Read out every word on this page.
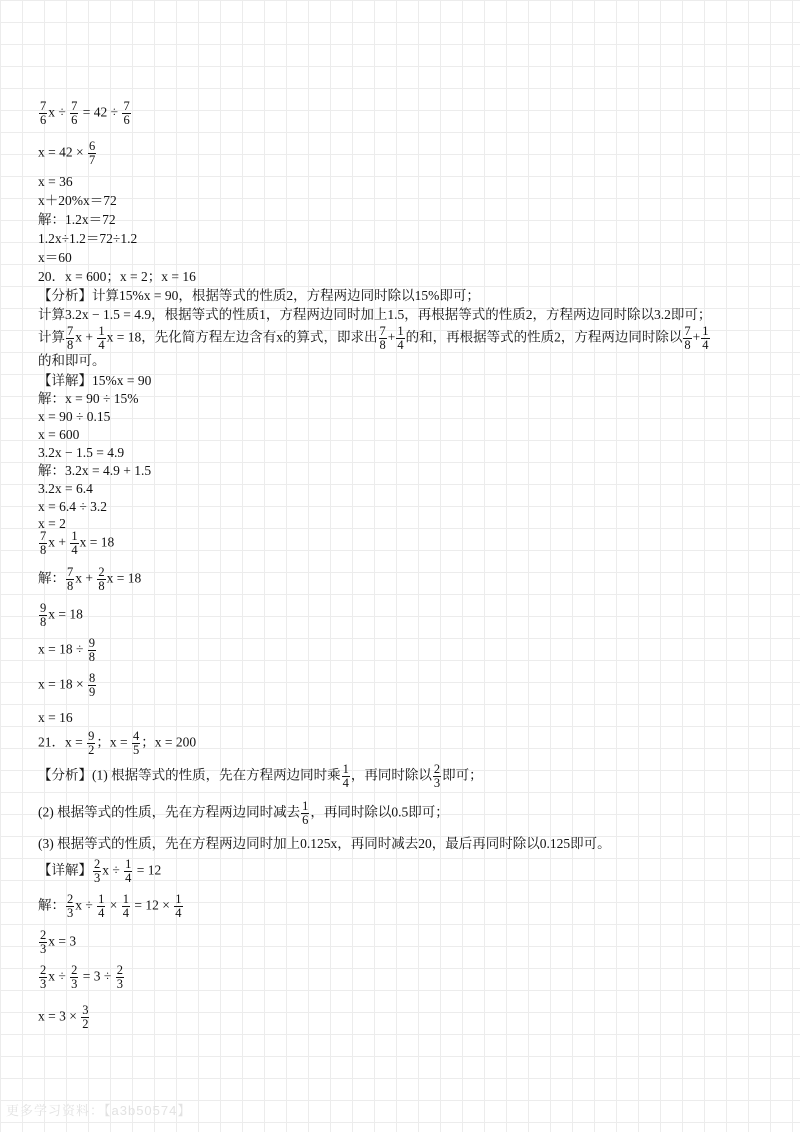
$\frac{7}{6}$ $x \div \frac{7}{6} = 42 \div \frac{7}{6}$
$x = 42 \times \frac{6}{7}$
x = 36
x＋20%x＝72
解：1.2x＝72
1.2x÷1.2＝72÷1.2
x＝60
20．x = 600；x = 2；x = 16
【分析】计算15%x = 90，根据等式的性质2，方程两边同时除以15%即可；
计算3.2x − 1.5 = 4.9，根据等式的性质1，方程两边同时加上1.5，再根据等式的性质2，方程两边同时除以3.2即可；
计算 $\frac{7}{8}$ $x + \frac{1}{4}$ x = 18，先化简方程左边含有x的算式，即求出 $\frac{7}{8} + \frac{1}{4}$ 的和，再根据等式的性质2，方程两边同时除以 $\frac{7}{8} + \frac{1}{4}$
的和即可。
【详解】15%x = 90
解：x = 90 ÷ 15%
x = 90 ÷ 0.15
x = 600
3.2x − 1.5 = 4.9
解：3.2x = 4.9 + 1.5
3.2x = 6.4
x = 6.4 ÷ 3.2
x = 2
$\frac{7}{8}$ $x + \frac{1}{4}$ x = 18
解： $\frac{7}{8}$ $x + \frac{2}{8}$ x = 18
$\frac{9}{8}$ x = 18
$x = 18 \div \frac{9}{8}$
$x = 18 \times \frac{8}{9}$
x = 16
21．$x = \frac{9}{2}$ ；$x = \frac{4}{5}$ ；x = 200
【分析】(1) 根据等式的性质，先在方程两边同时乘 $\frac{1}{4}$ ，再同时除以 $\frac{2}{3}$ 即可；
(2) 根据等式的性质，先在方程两边同时减去 $\frac{1}{6}$ ，再同时除以0.5即可；
(3) 根据等式的性质，先在方程两边同时加上0.125x，再同时减去20，最后再同时除以0.125即可。
【详解】 $\frac{2}{3}$ $x \div \frac{1}{4} = 12$
解： $\frac{2}{3}$ $x \div \frac{1}{4} \times \frac{1}{4} = 12 \times \frac{1}{4}$
$\frac{2}{3}$ x = 3
$\frac{2}{3}$ $x \div \frac{2}{3} = 3 \div \frac{2}{3}$
$x = 3 \times \frac{3}{2}$
更多学习资料：【a3b50574】
